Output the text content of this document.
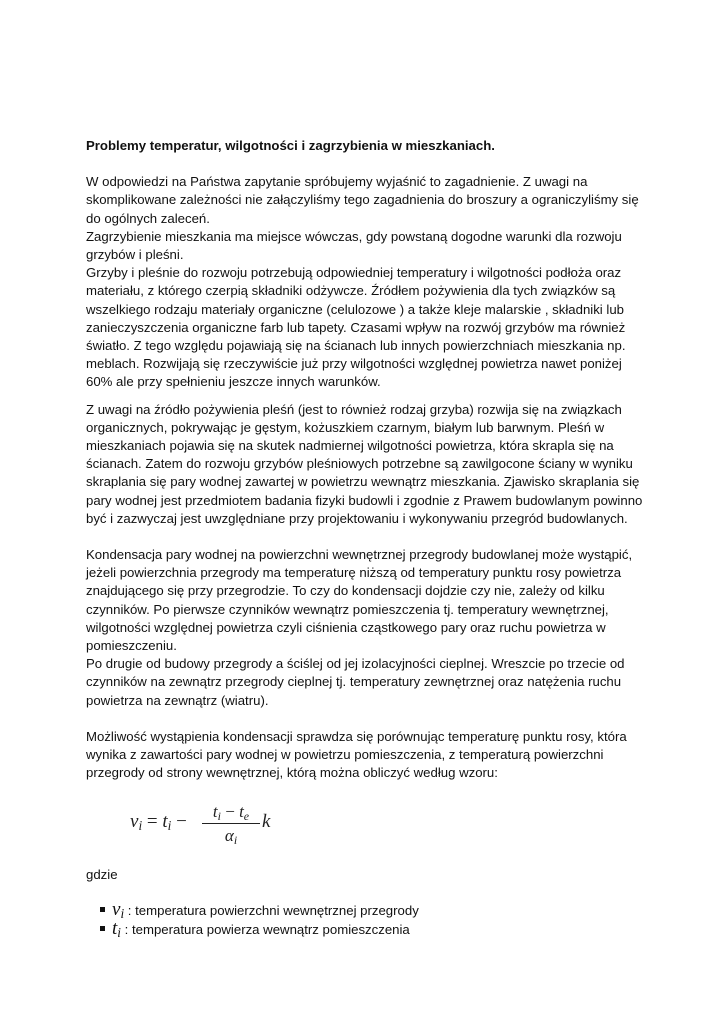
Problemy temperatur, wilgotności i zagrzybienia w mieszkaniach.

W odpowiedzi na Państwa zapytanie spróbujemy wyjaśnić to zagadnienie. Z uwagi na skomplikowane zależności nie załączyliśmy tego zagadnienia do broszury a ograniczyliśmy się do ogólnych zaleceń.

Zagrzybienie mieszkania ma miejsce wówczas, gdy powstaną dogodne warunki dla rozwoju grzybów i pleśni.

Grzyby i pleśnie do rozwoju potrzebują odpowiedniej temperatury i wilgotności podłoża oraz materiału, z którego czerpią składniki odżywcze. Źródłem pożywienia dla tych związków są wszelkiego rodzaju materiały organiczne (celulozowe ) a także kleje malarskie , składniki lub zanieczyszczenia organiczne farb lub tapety. Czasami wpływ na rozwój grzybów ma również światło. Z tego względu pojawiają się na ścianach lub innych powierzchniach mieszkania np. meblach. Rozwijają się rzeczywiście już przy wilgotności względnej powietrza nawet poniżej 60% ale przy spełnieniu jeszcze innych warunków.

Z uwagi na źródło pożywienia pleśń (jest to również rodzaj grzyba) rozwija się na związkach organicznych, pokrywając je gęstym, kożuszkiem czarnym, białym lub barwnym. Pleśń w mieszkaniach pojawia się na skutek nadmiernej wilgotności powietrza, która skrapla się na ścianach. Zatem do rozwoju grzybów pleśniowych potrzebne są zawilgocone ściany w wyniku skraplania się pary wodnej zawartej w powietrzu wewnątrz mieszkania. Zjawisko skraplania się pary wodnej jest przedmiotem badania fizyki budowli i zgodnie z Prawem budowlanym powinno być i zazwyczaj jest uwzględniane przy projektowaniu i wykonywaniu przegród budowlanych.

Kondensacja pary wodnej na powierzchni wewnętrznej przegrody budowlanej może wystąpić, jeżeli powierzchnia przegrody ma temperaturę niższą od temperatury punktu rosy powietrza znajdującego się przy przegrodzie. To czy do kondensacji dojdzie czy nie, zależy od kilku czynników. Po pierwsze czynników wewnątrz pomieszczenia tj. temperatury wewnętrznej, wilgotności względnej powietrza czyli ciśnienia cząstkowego pary oraz ruchu powietrza w pomieszczeniu.

Po drugie od budowy przegrody a ściślej od jej izolacyjności cieplnej. Wreszcie po trzecie od czynników na zewnątrz przegrody cieplnej tj. temperatury zewnętrznej oraz natężenia ruchu powietrza na zewnątrz (wiatru).

Możliwość wystąpienia kondensacji sprawdza się porównując temperaturę punktu rosy, która wynika z zawartości pary wodnej w powietrzu pomieszczenia, z temperaturą powierzchni przegrody od strony wewnętrznej, którą można obliczyć według wzoru:

$v_i = t_i$ −	$t_i - t_e$
$\alpha_i$
k

gdzie

$v_i$ : temperatura powierzchni wewnętrznej przegrody
$t_i$ : temperatura powierza wewnątrz pomieszczenia
